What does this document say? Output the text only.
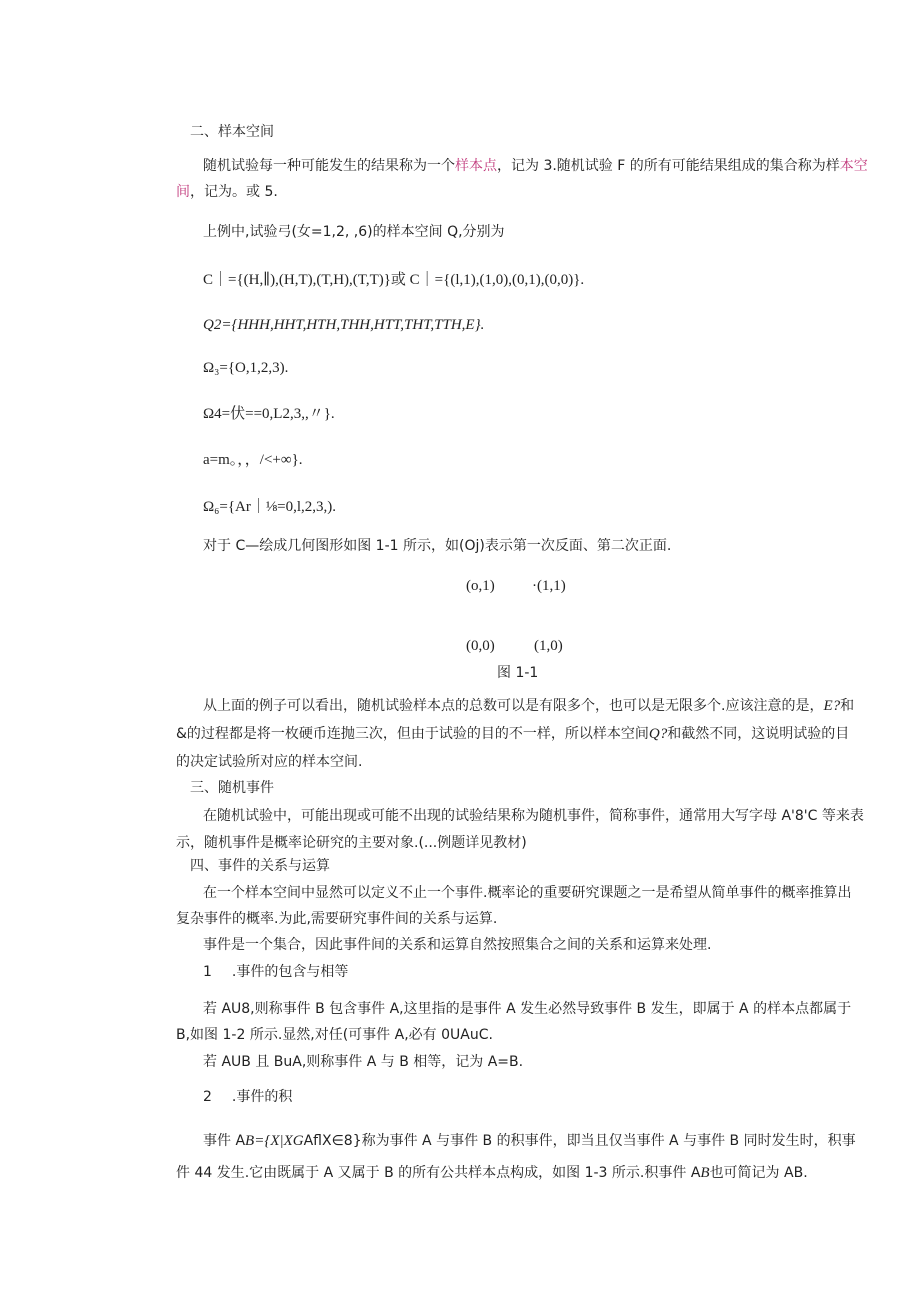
二、样本空间
随机试验每一种可能发生的结果称为一个样本点，记为 3.随机试验 F 的所有可能结果组成的集合称为样本空
间，记为。或 5.
上例中,试验弓(女=1,2, ,6)的样本空间 Q,分别为
C｜={(H,∥),(H,T),(T,H),(T,T)}或 C｜={(l,1),(1,0),(0,1),(0,0)}.
Q2={HHH,HHT,HTH,THH,HTT,THT,TTH,E}.
Ω₃={O,1,2,3).
Ω4=伏==0,L2,3,,〃}.
a=m。，，/<+∞}.
Ω₆={Ar｜⅛=0,l,2,3,).
对于 C—绘成几何图形如图 1-1 所示，如(Oj)表示第一次反面、第二次正面.
(o,1) ·(1,1)
(0,0)	(1,0)
图 1-1
从上面的例子可以看出，随机试验样本点的总数可以是有限多个，也可以是无限多个.应该注意的是，E?和
&的过程都是将一枚硬币连抛三次，但由于试验的目的不一样，所以样本空间Q?和截然不同，这说明试验的目
的决定试验所对应的样本空间.
三、随机事件
在随机试验中，可能出现或可能不出现的试验结果称为随机事件，简称事件，通常用大写字母 A'8'C 等来表
示，随机事件是概率论研究的主要对象.(...例题详见教材)
四、事件的关系与运算
在一个样本空间中显然可以定义不止一个事件.概率论的重要研究课题之一是希望从简单事件的概率推算出
复杂事件的概率.为此,需要研究事件间的关系与运算.
事件是一个集合，因此事件间的关系和运算自然按照集合之间的关系和运算来处理.
1 .事件的包含与相等
若 AU8,则称事件 B 包含事件 A,这里指的是事件 A 发生必然导致事件 B 发生，即属于 A 的样本点都属于
B,如图 1-2 所示.显然,对任(可事件 A,必有 0UAuC.
若 AUB 且 BuA,则称事件 A 与 B 相等，记为 A=B.
2 .事件的积
事件 AB={X|XGAflX∈8}称为事件 A 与事件 B 的积事件，即当且仅当事件 A 与事件 B 同时发生时，积事
件 44 发生.它由既属于 A 又属于 B 的所有公共样本点构成，如图 1-3 所示.积事件 AB也可简记为 AB.
